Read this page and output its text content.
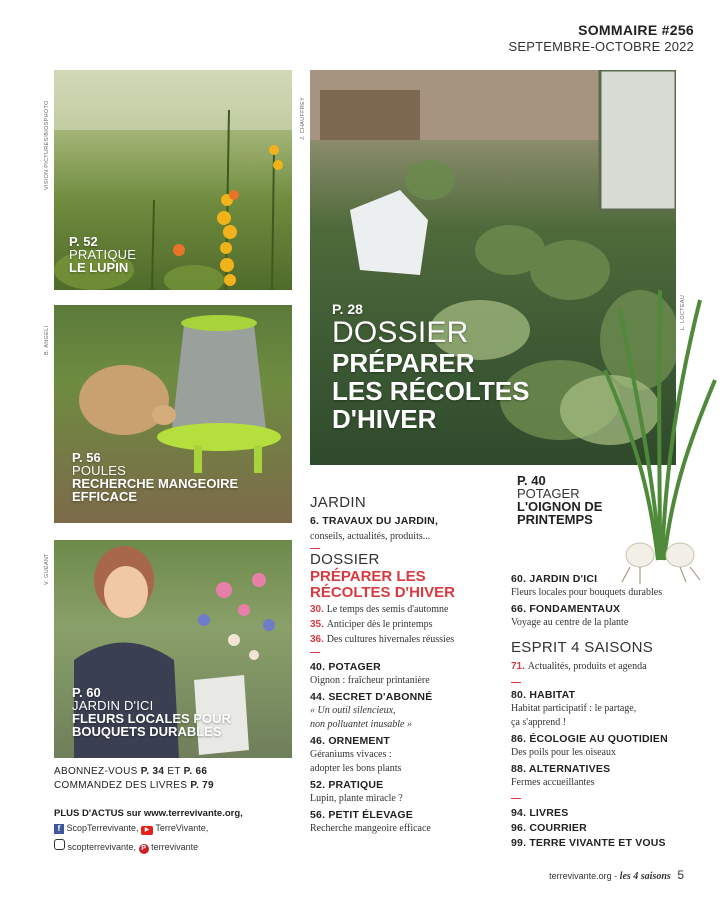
SOMMAIRE #256
SEPTEMBRE-OCTOBRE 2022
VISION PICTURES/BIOSPHOTO
P. 52
PRATIQUE
LE LUPIN
J. CHAUFFREY
P. 28
DOSSIER
PRÉPARER
LES RÉCOLTES
D'HIVER
L. LOCTEAU
B. ANGELI
P. 56
POULES
RECHERCHE MANGEOIRE
EFFICACE
P. 40
POTAGER
L'OIGNON DE
PRINTEMPS
V. GUÉANT
P. 60
JARDIN D'ICI
FLEURS LOCALES POUR
BOUQUETS DURABLES
ABONNEZ-VOUS P. 34 ET P. 66
COMMANDEZ DES LIVRES P. 79
PLUS D'ACTUS sur www.terrevivante.org,
f ScopTerrevivante, ▶ TerreVivante,
scopterrevivante, P terrevivante
JARDIN
6. TRAVAUX DU JARDIN,
conseils, actualités, produits...
DOSSIER
PRÉPARER LES
RÉCOLTES D'HIVER
30. Le temps des semis d'automne
35. Anticiper dès le printemps
36. Des cultures hivernales réussies
40. POTAGER
Oignon : fraîcheur printanière
44. SECRET D'ABONNÉ
« Un outil silencieux,
non polluantet inusable »
46. ORNEMENT
Géraniums vivaces :
adopter les bons plants
52. PRATIQUE
Lupin, plante miracle ?
56. PETIT ÉLEVAGE
Recherche mangeoire efficace
60. JARDIN D'ICI
Fleurs locales pour bouquets durables
66. FONDAMENTAUX
Voyage au centre de la plante
ESPRIT 4 SAISONS
71. Actualités, produits et agenda
80. HABITAT
Habitat participatif : le partage,
ça s'apprend !
86. ÉCOLOGIE AU QUOTIDIEN
Des poils pour les oiseaux
88. ALTERNATIVES
Fermes accueillantes
94. LIVRES
96. COURRIER
99. TERRE VIVANTE ET VOUS
terrevivante.org - les 4 saisons 5
